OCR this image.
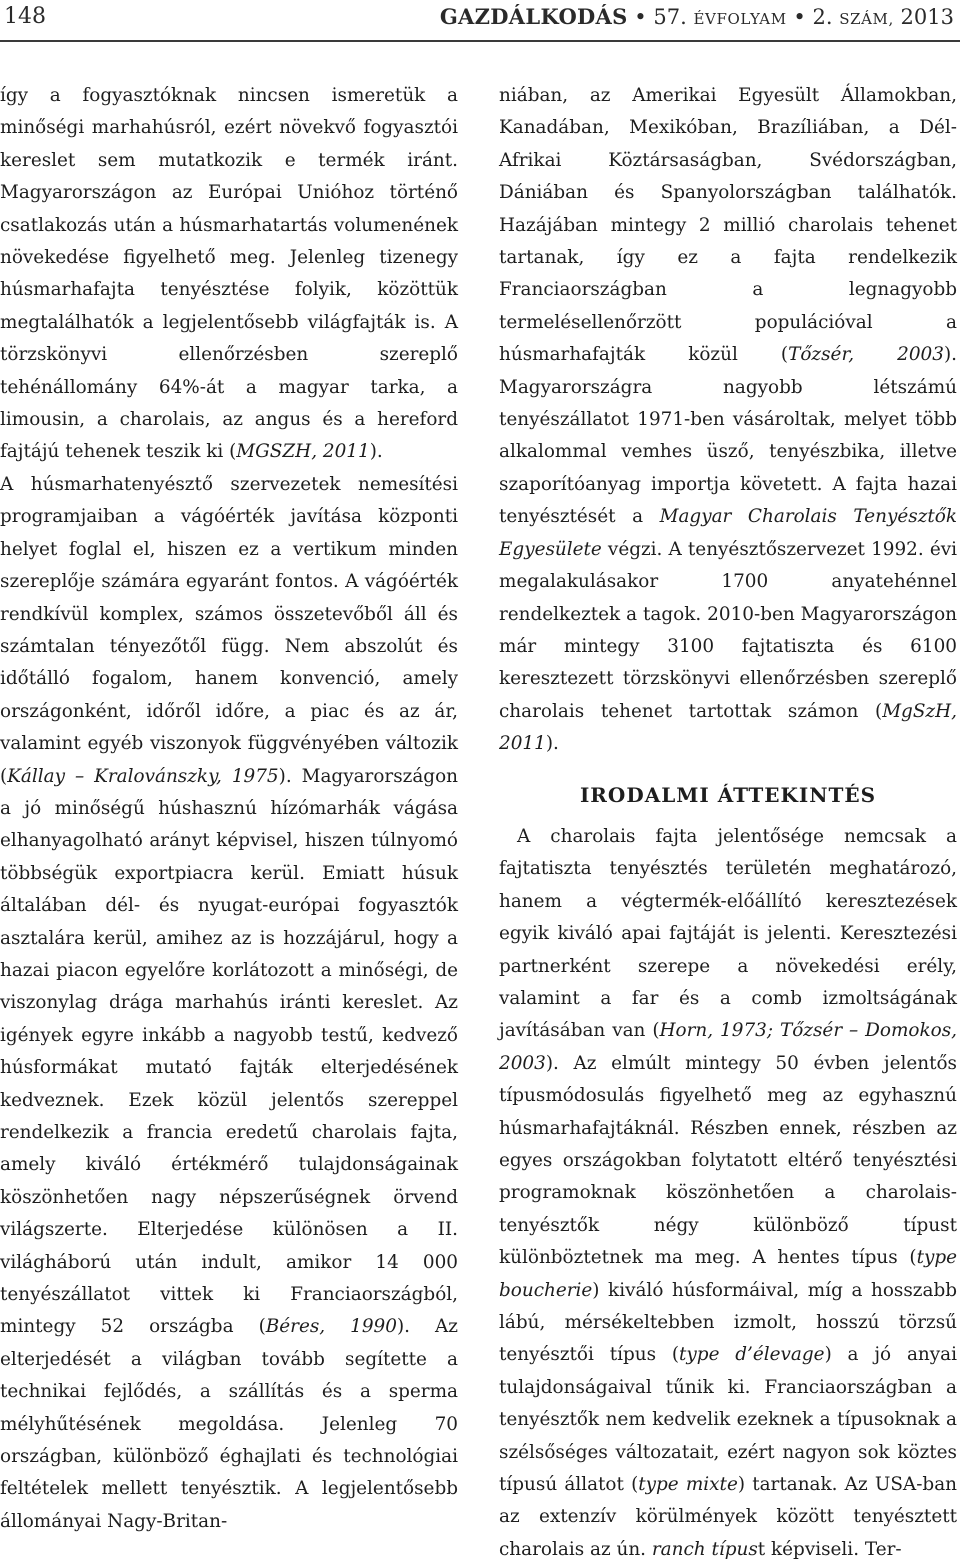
148	GAZDÁLKODÁS • 57. ÉVFOLYAM • 2. SZÁM, 2013

így a fogyasztóknak nincsen ismeretük a minőségi marhahúsról, ezért növekvő fogyasztói kereslet sem mutatkozik e termék iránt. Magyarországon az Európai Unióhoz történő csatlakozás után a húsmarhatartás volumenének növekedése figyelhető meg. Jelenleg tizenegy húsmarhafajta tenyésztése folyik, közöttük megtalálhatók a legjelentősebb világfajták is. A törzskönyvi ellenőrzésben szereplő tehénállomány 64%-át a magyar tarka, a limousin, a charolais, az angus és a hereford fajtájú tehenek teszik ki (MGSZH, 2011).

A húsmarhatenyésztő szervezetek nemesítési programjaiban a vágóérték javítása központi helyet foglal el, hiszen ez a vertikum minden szereplője számára egyaránt fontos. A vágóérték rendkívül komplex, számos összetevőből áll és számtalan tényezőtől függ. Nem abszolút és időtálló fogalom, hanem konvenció, amely országonként, időről időre, a piac és az ár, valamint egyéb viszonyok függvényében változik (Kállay – Kralovánszky, 1975). Magyarországon a jó minőségű húshasznú hízómarhák vágása elhanyagolható arányt képvisel, hiszen túlnyomó többségük exportpiacra kerül. Emiatt húsuk általában dél- és nyugat-európai fogyasztók asztalára kerül, amihez az is hozzájárul, hogy a hazai piacon egyelőre korlátozott a minőségi, de viszonylag drága marhahús iránti kereslet. Az igények egyre inkább a nagyobb testű, kedvező húsformákat mutató fajták elterjedésének kedveznek. Ezek közül jelentős szereppel rendelkezik a francia eredetű charolais fajta, amely kiváló értékmérő tulajdonságainak köszönhetően nagy népszerűségnek örvend világszerte. Elterjedése különösen a II. világháború után indult, amikor 14 000 tenyészállatot vittek ki Franciaországból, mintegy 52 országba (Béres, 1990). Az elterjedését a világban tovább segítette a technikai fejlődés, a szállítás és a sperma mélyhűtésének megoldása. Jelenleg 70 országban, különböző éghajlati és technológiai feltételek mellett tenyésztik. A legjelentősebb állományai Nagy-Britan-

niában, az Amerikai Egyesült Államokban, Kanadában, Mexikóban, Brazíliában, a Dél-Afrikai Köztársaságban, Svédországban, Dániában és Spanyolországban találhatók. Hazájában mintegy 2 millió charolais tehenet tartanak, így ez a fajta rendelkezik Franciaországban a legnagyobb termelésellenőrzött populációval a húsmarhafajták közül (Tőzsér, 2003). Magyarországra nagyobb létszámú tenyészállatot 1971-ben vásároltak, melyet több alkalommal vemhes üsző, tenyészbika, illetve szaporítóanyag importja követett. A fajta hazai tenyésztését a Magyar Charolais Tenyésztők Egyesülete végzi. A tenyésztőszervezet 1992. évi megalakulásakor 1700 anyatehénnel rendelkeztek a tagok. 2010-ben Magyarországon már mintegy 3100 fajtatiszta és 6100 keresztezett törzskönyvi ellenőrzésben szereplő charolais tehenet tartottak számon (MgSzH, 2011).

IRODALMI ÁTTEKINTÉS

A charolais fajta jelentősége nemcsak a fajtatiszta tenyésztés területén meghatározó, hanem a végtermék-előállító keresztezések egyik kiváló apai fajtáját is jelenti. Keresztezési partnerként szerepe a növekedési erély, valamint a far és a comb izmoltságának javításában van (Horn, 1973; Tőzsér – Domokos, 2003). Az elmúlt mintegy 50 évben jelentős típusmódosulás figyelhető meg az egyhasznú húsmarhafajtáknál. Részben ennek, részben az egyes országokban folytatott eltérő tenyésztési programoknak köszönhetően a charolais-tenyésztők négy különböző típust különböztetnek ma meg. A hentes típus (type boucherie) kiváló húsformáival, míg a hosszabb lábú, mérsékeltebben izmolt, hosszú törzsű tenyésztői típus (type d’élevage) a jó anyai tulajdonságaival tűnik ki. Franciaországban a tenyésztők nem kedvelik ezeknek a típusoknak a szélsőséges változatait, ezért nagyon sok köztes típusú állatot (type mixte) tartanak. Az USA-ban az extenzív körülmények között tenyésztett charolais az ún. ranch típust képviseli. Ter-
